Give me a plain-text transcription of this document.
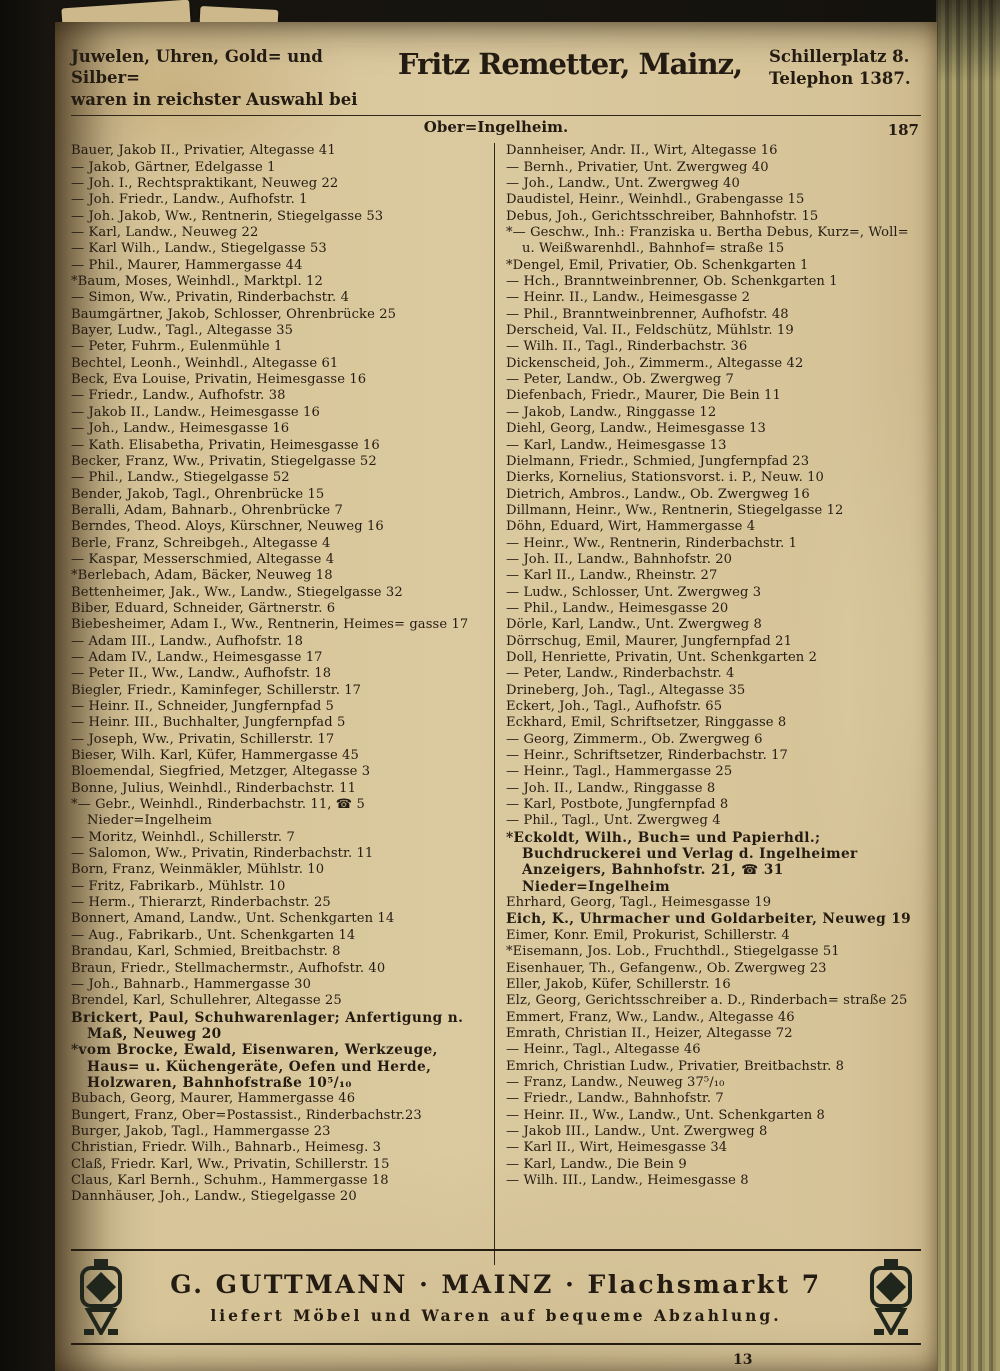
Juwelen, Uhren, Gold= und Silber=
waren in reichster Auswahl bei
Fritz Remetter, Mainz,	Schillerplatz 8.
Telephon 1387.
Ober=Ingelheim.	187
Bauer, Jakob II., Privatier, Altegasse 41
— Jakob, Gärtner, Edelgasse 1
— Joh. I., Rechtspraktikant, Neuweg 22
— Joh. Friedr., Landw., Aufhofstr. 1
— Joh. Jakob, Ww., Rentnerin, Stiegelgasse 53
— Karl, Landw., Neuweg 22
— Karl Wilh., Landw., Stiegelgasse 53
— Phil., Maurer, Hammergasse 44
*Baum, Moses, Weinhdl., Marktpl. 12
— Simon, Ww., Privatin, Rinderbachstr. 4
Baumgärtner, Jakob, Schlosser, Ohrenbrücke 25
Bayer, Ludw., Tagl., Altegasse 35
— Peter, Fuhrm., Eulenmühle 1
Bechtel, Leonh., Weinhdl., Altegasse 61
Beck, Eva Louise, Privatin, Heimesgasse 16
— Friedr., Landw., Aufhofstr. 38
— Jakob II., Landw., Heimesgasse 16
— Joh., Landw., Heimesgasse 16
— Kath. Elisabetha, Privatin, Heimesgasse 16
Becker, Franz, Ww., Privatin, Stiegelgasse 52
— Phil., Landw., Stiegelgasse 52
Bender, Jakob, Tagl., Ohrenbrücke 15
Beralli, Adam, Bahnarb., Ohrenbrücke 7
Berndes, Theod. Aloys, Kürschner, Neuweg 16
Berle, Franz, Schreibgeh., Altegasse 4
— Kaspar, Messerschmied, Altegasse 4
*Berlebach, Adam, Bäcker, Neuweg 18
Bettenheimer, Jak., Ww., Landw., Stiegelgasse 32
Biber, Eduard, Schneider, Gärtnerstr. 6
Biebesheimer, Adam I., Ww., Rentnerin, Heimes= gasse 17
— Adam III., Landw., Aufhofstr. 18
— Adam IV., Landw., Heimesgasse 17
— Peter II., Ww., Landw., Aufhofstr. 18
Biegler, Friedr., Kaminfeger, Schillerstr. 17
— Heinr. II., Schneider, Jungfernpfad 5
— Heinr. III., Buchhalter, Jungfernpfad 5
— Joseph, Ww., Privatin, Schillerstr. 17
Bieser, Wilh. Karl, Küfer, Hammergasse 45
Bloemendal, Siegfried, Metzger, Altegasse 3
Bonne, Julius, Weinhdl., Rinderbachstr. 11
*— Gebr., Weinhdl., Rinderbachstr. 11, ☎ 5 Nieder=Ingelheim
— Moritz, Weinhdl., Schillerstr. 7
— Salomon, Ww., Privatin, Rinderbachstr. 11
Born, Franz, Weinmäkler, Mühlstr. 10
— Fritz, Fabrikarb., Mühlstr. 10
— Herm., Thierarzt, Rinderbachstr. 25
Bonnert, Amand, Landw., Unt. Schenkgarten 14
— Aug., Fabrikarb., Unt. Schenkgarten 14
Brandau, Karl, Schmied, Breitbachstr. 8
Braun, Friedr., Stellmachermstr., Aufhofstr. 40
— Joh., Bahnarb., Hammergasse 30
Brendel, Karl, Schullehrer, Altegasse 25
Brickert, Paul, Schuhwarenlager; Anfertigung n. Maß, Neuweg 20
*vom Brocke, Ewald, Eisenwaren, Werkzeuge, Haus= u. Küchengeräte, Oefen und Herde, Holzwaren, Bahnhofstraße 10⁵/₁₀
Bubach, Georg, Maurer, Hammergasse 46
Bungert, Franz, Ober=Postassist., Rinderbachstr.23
Burger, Jakob, Tagl., Hammergasse 23
Christian, Friedr. Wilh., Bahnarb., Heimesg. 3
Claß, Friedr. Karl, Ww., Privatin, Schillerstr. 15
Claus, Karl Bernh., Schuhm., Hammergasse 18
Dannhäuser, Joh., Landw., Stiegelgasse 20
Dannheiser, Andr. II., Wirt, Altegasse 16
— Bernh., Privatier, Unt. Zwergweg 40
— Joh., Landw., Unt. Zwergweg 40
Daudistel, Heinr., Weinhdl., Grabengasse 15
Debus, Joh., Gerichtsschreiber, Bahnhofstr. 15
*— Geschw., Inh.: Franziska u. Bertha Debus, Kurz=, Woll= u. Weißwarenhdl., Bahnhof= straße 15
*Dengel, Emil, Privatier, Ob. Schenkgarten 1
— Hch., Branntweinbrenner, Ob. Schenkgarten 1
— Heinr. II., Landw., Heimesgasse 2
— Phil., Branntweinbrenner, Aufhofstr. 48
Derscheid, Val. II., Feldschütz, Mühlstr. 19
— Wilh. II., Tagl., Rinderbachstr. 36
Dickenscheid, Joh., Zimmerm., Altegasse 42
— Peter, Landw., Ob. Zwergweg 7
Diefenbach, Friedr., Maurer, Die Bein 11
— Jakob, Landw., Ringgasse 12
Diehl, Georg, Landw., Heimesgasse 13
— Karl, Landw., Heimesgasse 13
Dielmann, Friedr., Schmied, Jungfernpfad 23
Dierks, Kornelius, Stationsvorst. i. P., Neuw. 10
Dietrich, Ambros., Landw., Ob. Zwergweg 16
Dillmann, Heinr., Ww., Rentnerin, Stiegelgasse 12
Döhn, Eduard, Wirt, Hammergasse 4
— Heinr., Ww., Rentnerin, Rinderbachstr. 1
— Joh. II., Landw., Bahnhofstr. 20
— Karl II., Landw., Rheinstr. 27
— Ludw., Schlosser, Unt. Zwergweg 3
— Phil., Landw., Heimesgasse 20
Dörle, Karl, Landw., Unt. Zwergweg 8
Dörrschug, Emil, Maurer, Jungfernpfad 21
Doll, Henriette, Privatin, Unt. Schenkgarten 2
— Peter, Landw., Rinderbachstr. 4
Drineberg, Joh., Tagl., Altegasse 35
Eckert, Joh., Tagl., Aufhofstr. 65
Eckhard, Emil, Schriftsetzer, Ringgasse 8
— Georg, Zimmerm., Ob. Zwergweg 6
— Heinr., Schriftsetzer, Rinderbachstr. 17
— Heinr., Tagl., Hammergasse 25
— Joh. II., Landw., Ringgasse 8
— Karl, Postbote, Jungfernpfad 8
— Phil., Tagl., Unt. Zwergweg 4
*Eckoldt, Wilh., Buch= und Papierhdl.; Buchdruckerei und Verlag d. Ingelheimer Anzeigers, Bahnhofstr. 21, ☎ 31 Nieder=Ingelheim
Ehrhard, Georg, Tagl., Heimesgasse 19
Eich, K., Uhrmacher und Goldarbeiter, Neuweg 19
Eimer, Konr. Emil, Prokurist, Schillerstr. 4
*Eisemann, Jos. Lob., Fruchthdl., Stiegelgasse 51
Eisenhauer, Th., Gefangenw., Ob. Zwergweg 23
Eller, Jakob, Küfer, Schillerstr. 16
Elz, Georg, Gerichtsschreiber a. D., Rinderbach= straße 25
Emmert, Franz, Ww., Landw., Altegasse 46
Emrath, Christian II., Heizer, Altegasse 72
— Heinr., Tagl., Altegasse 46
Emrich, Christian Ludw., Privatier, Breitbachstr. 8
— Franz, Landw., Neuweg 37⁵/₁₀
— Friedr., Landw., Bahnhofstr. 7
— Heinr. II., Ww., Landw., Unt. Schenkgarten 8
— Jakob III., Landw., Unt. Zwergweg 8
— Karl II., Wirt, Heimesgasse 34
— Karl, Landw., Die Bein 9
— Wilh. III., Landw., Heimesgasse 8
G. GUTTMANN · MAINZ · Flachsmarkt 7
liefert Möbel und Waren auf bequeme Abzahlung.
13
